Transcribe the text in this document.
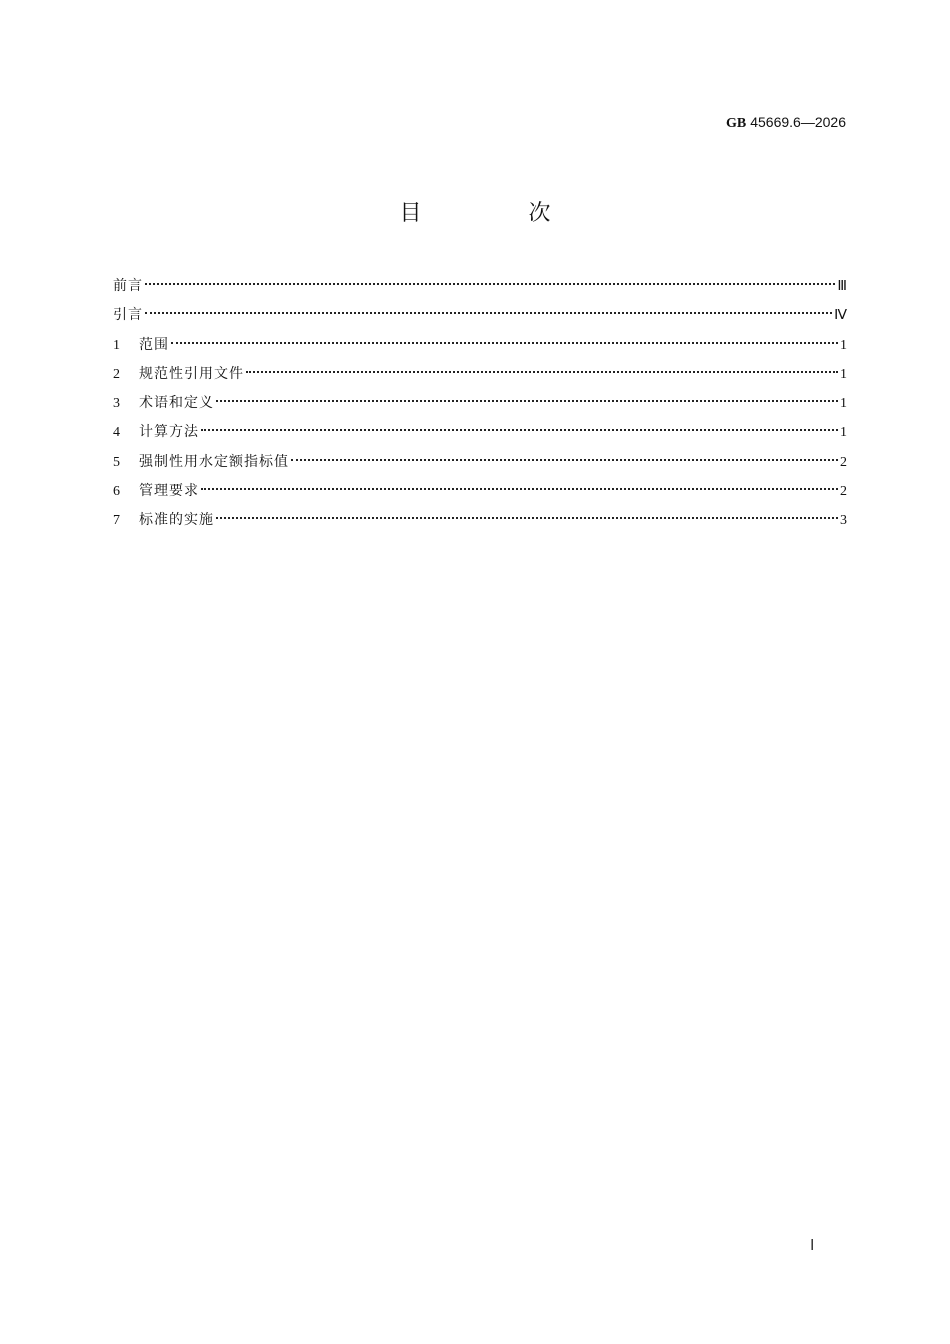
GB 45669.6—2026
目 次
前言	Ⅲ
引言	Ⅳ
1	范围	1
2	规范性引用文件	1
3	术语和定义	1
4	计算方法	1
5	强制性用水定额指标值	2
6	管理要求	2
7	标准的实施	3
Ⅰ
